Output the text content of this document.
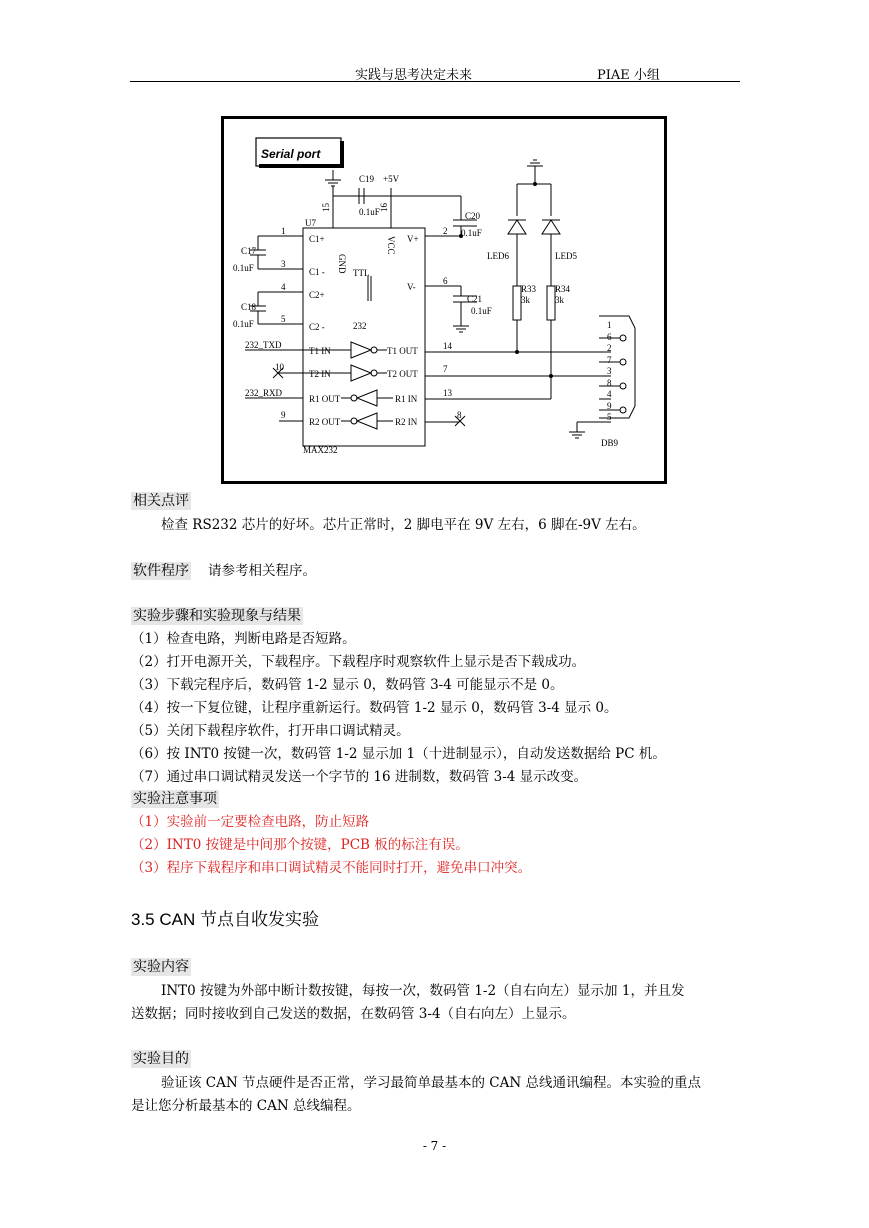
实践与思考决定未来	PIAE 小组
Serial port
U7
C19 +5V
0.1uF
15	16
GND
VCC V+
V-
TTL
232
C1+
C1 -
C2+
C2 -
C17
0.1uF
C18
0.1uF
C20
0.1uF
C21
0.1uF
1	2
3
4
5
6
7
8
9
10
13
14
T1 IN
T2 IN
R1 OUT
R2 OUT
T1 OUT
T2 OUT
R1 IN
R2 IN
232_TXD
232_RXD
MAX232
LED6	LED5
R33
3k
R34
3k
DB9
1
6
2
7
3
8
4
9
5
相关点评
检查 RS232 芯片的好坏。芯片正常时，2 脚电平在 9V 左右，6 脚在-9V 左右。
软件程序 请参考相关程序。
实验步骤和实验现象与结果
（1）检查电路，判断电路是否短路。
（2）打开电源开关，下载程序。下载程序时观察软件上显示是否下载成功。
（3）下载完程序后，数码管 1-2 显示 0，数码管 3-4 可能显示不是 0。
（4）按一下复位键，让程序重新运行。数码管 1-2 显示 0，数码管 3-4 显示 0。
（5）关闭下载程序软件，打开串口调试精灵。
（6）按 INT0 按键一次，数码管 1-2 显示加 1（十进制显示），自动发送数据给 PC 机。
（7）通过串口调试精灵发送一个字节的 16 进制数，数码管 3-4 显示改变。
实验注意事项
（1）实验前一定要检查电路，防止短路
（2）INT0 按键是中间那个按键，PCB 板的标注有误。
（3）程序下载程序和串口调试精灵不能同时打开，避免串口冲突。
3.5 CAN 节点自收发实验
实验内容
INT0 按键为外部中断计数按键，每按一次，数码管 1-2（自右向左）显示加 1，并且发
送数据；同时接收到自己发送的数据，在数码管 3-4（自右向左）上显示。
实验目的
验证该 CAN 节点硬件是否正常，学习最简单最基本的 CAN 总线通讯编程。本实验的重点
是让您分析最基本的 CAN 总线编程。
- 7 -
